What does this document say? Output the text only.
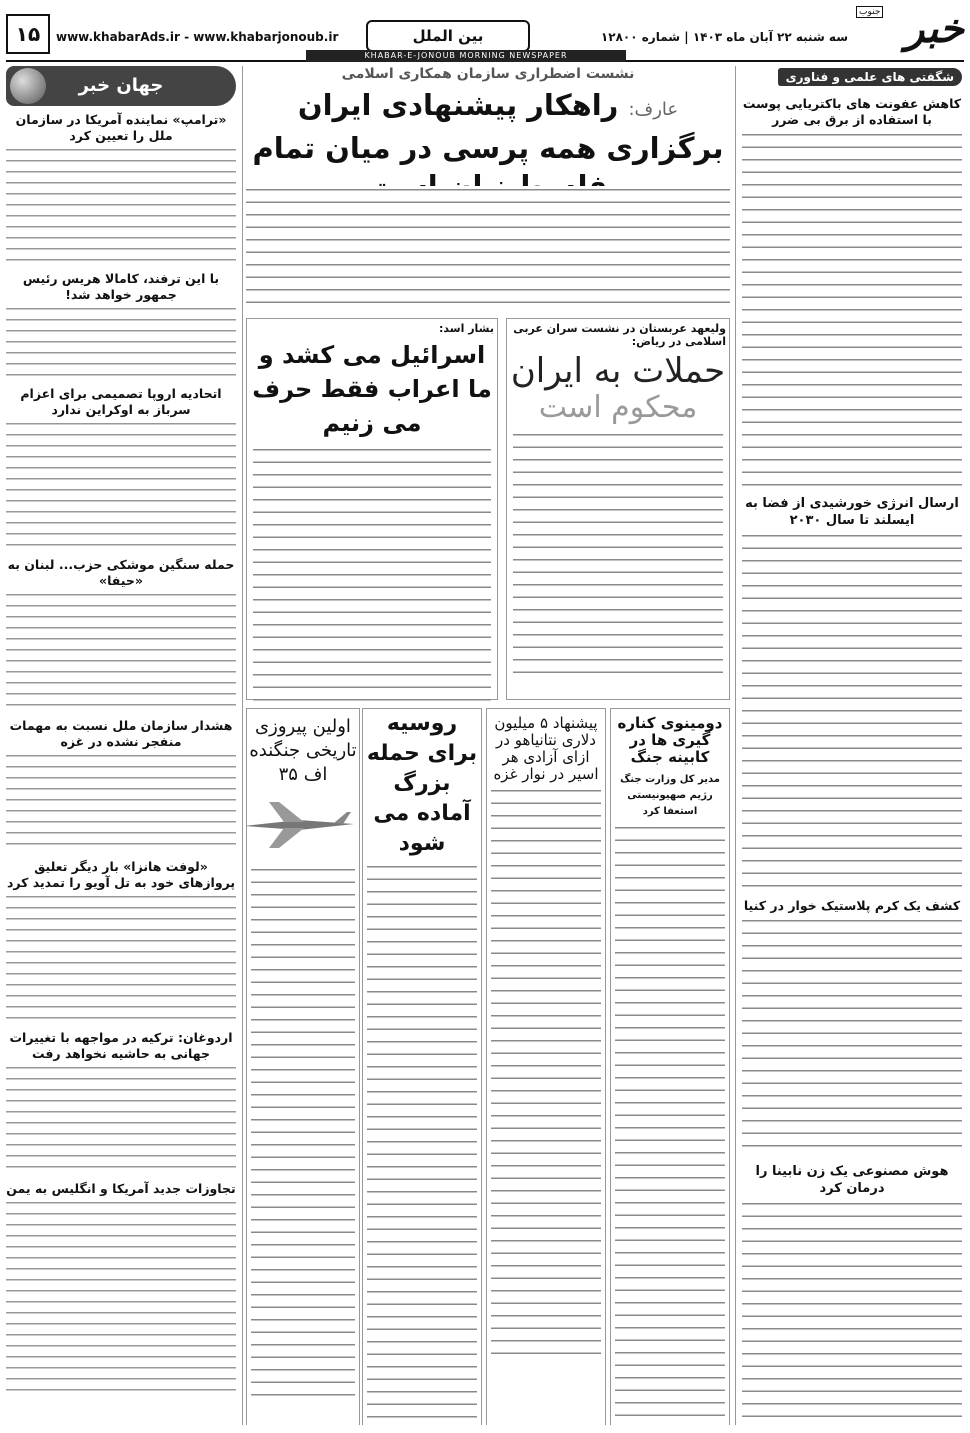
خبر
جنوب
سه شنبه ۲۲ آبان ماه ۱۴۰۳ | شماره ۱۲۸۰۰
بین الملل
www.khabarAds.ir - www.khabarjonoub.ir
۱۵
KHABAR-E-JONOUB MORNING NEWSPAPER
شگفتی های علمی و فناوری
کاهش عفونت های باکتریایی پوست با استفاده از برق بی ضرر
ارسال انرژی خورشیدی از فضا به ایسلند تا سال ۲۰۳۰
کشف یک کرم پلاستیک خوار در کنیا
هوش مصنوعی یک زن نابینا را درمان کرد
جهان خبر
«ترامپ» نماینده آمریکا در سازمان ملل را تعیین کرد
با این ترفند، کامالا هریس رئیس جمهور خواهد شد!
اتحادیه اروپا تصمیمی برای اعزام سرباز به اوکراین ندارد
حمله سنگین موشکی حزب... لبنان به «حیفا»
هشدار سازمان ملل نسبت به مهمات منفجر نشده در غزه
«لوفت هانزا» بار دیگر تعلیق پروازهای خود به تل آویو را تمدید کرد
اردوغان: ترکیه در مواجهه با تغییرات جهانی به حاشیه نخواهد رفت
تجاوزات جدید آمریکا و انگلیس به یمن
نشست اضطراری سازمان همکاری اسلامی
عارف: راهکار پیشنهادی ایران برگزاری همه پرسی در میان تمام
ولیعهد عربستان در نشست سران عربی اسلامی در ریاض:
حملات به ایران
محکوم است
بشار اسد:
اسرائیل می کشد و ما اعراب فقط حرف می زنیم
دومینوی کناره گیری ها در کابینه جنگ
مدیر کل وزارت جنگ رژیم صهیونیستی استعفا کرد
پیشنهاد ۵ میلیون دلاری نتانیاهو در ازای آزادی هر اسیر در نوار غزه
روسیه برای حمله بزرگ آماده می شود
اولین پیروزی تاریخی جنگنده اف ۳۵
